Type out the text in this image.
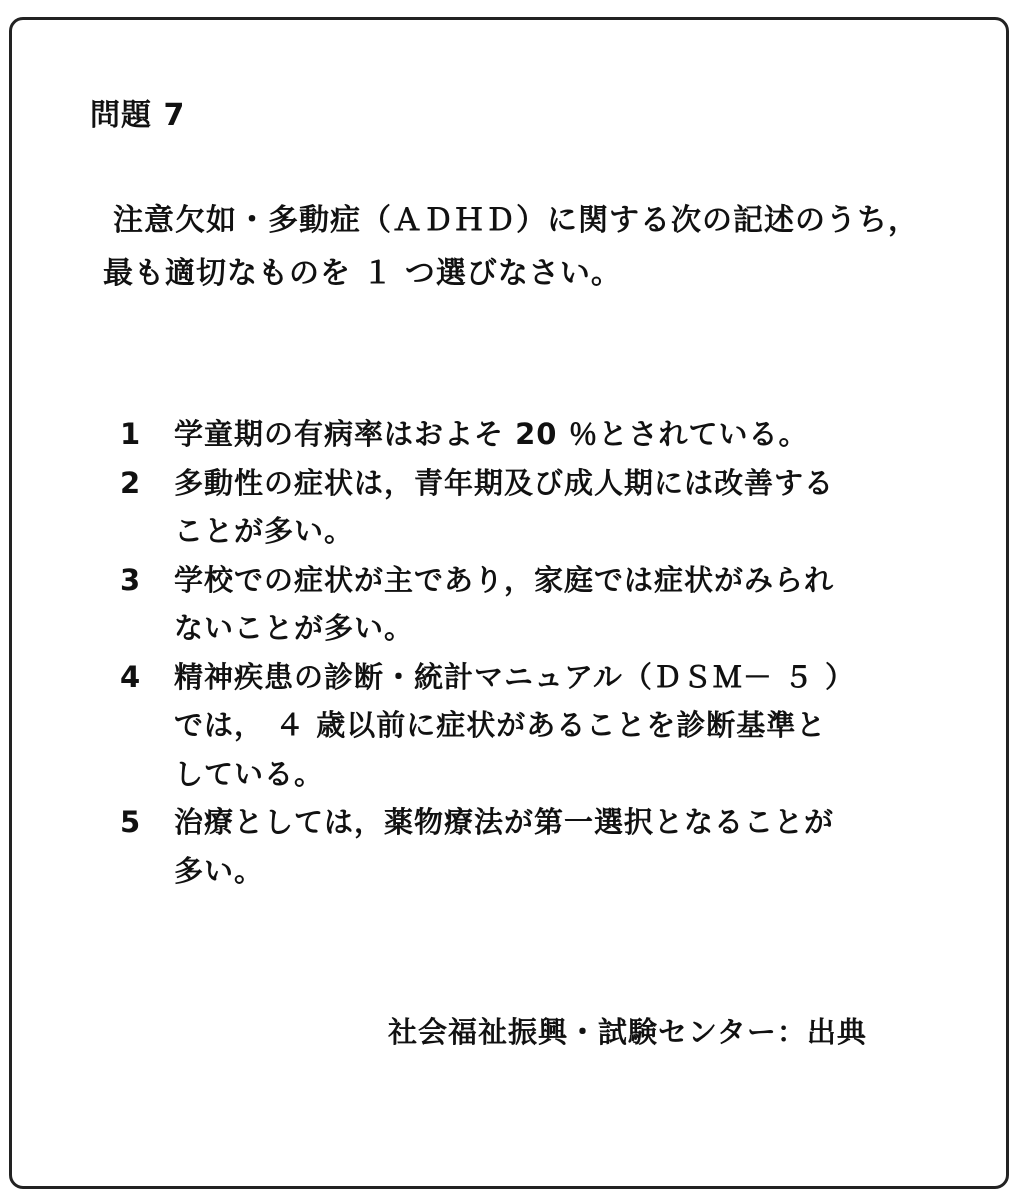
問題 7
注意欠如・多動症（ＡＤＨＤ）に関する次の記述のうち，
最も適切なものを １ つ選びなさい。
1	学童期の有病率はおよそ 20 ％とされている。
2	多動性の症状は，青年期及び成人期には改善する
ことが多い。
3	学校での症状が主であり，家庭では症状がみられ
ないことが多い。
4	精神疾患の診断・統計マニュアル（ＤＳＭ－ ５ ）
では， ４ 歳以前に症状があることを診断基準と
している。
5	治療としては，薬物療法が第一選択となることが
多い。
社会福祉振興・試験センター：出典
